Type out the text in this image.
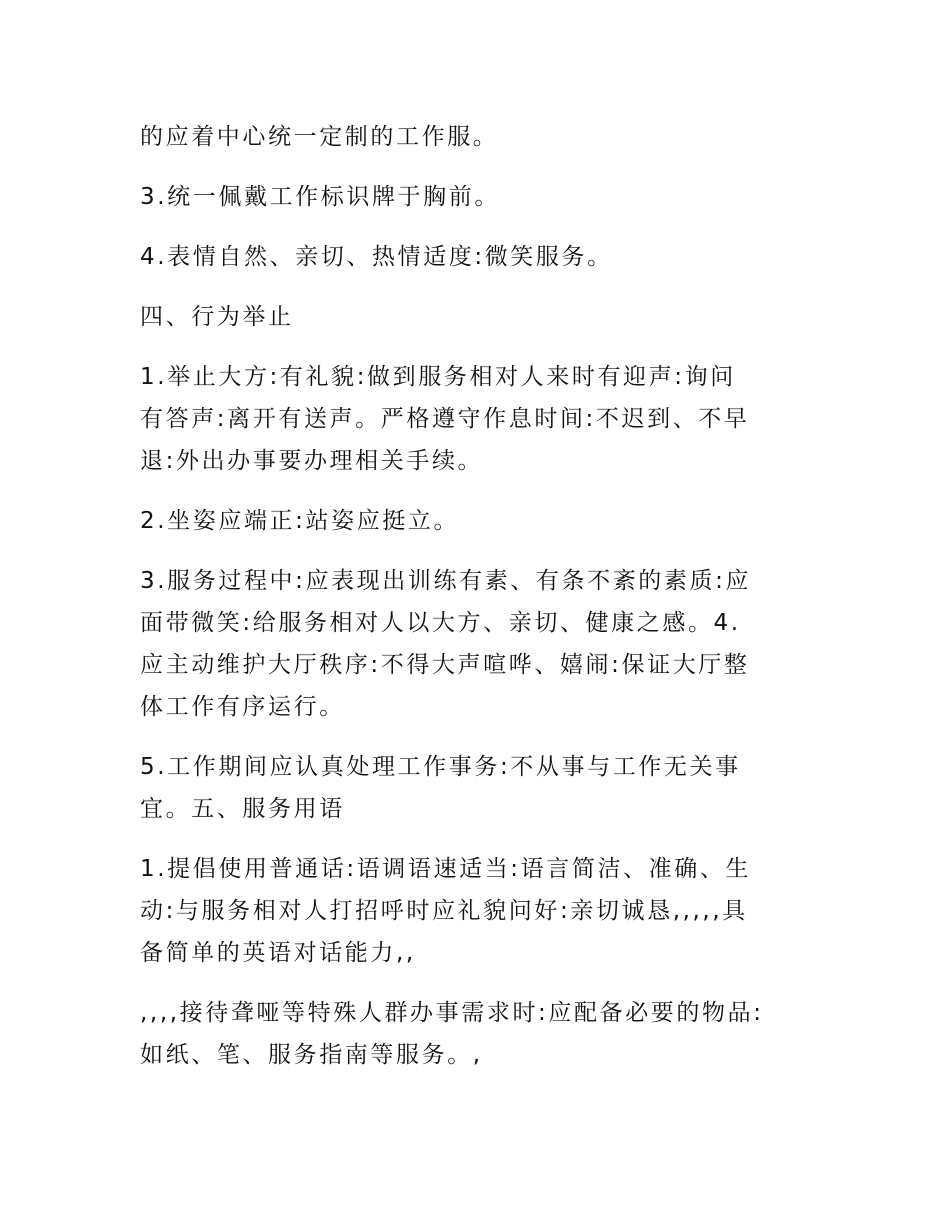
的应着中心统一定制的工作服。

3.统一佩戴工作标识牌于胸前。

4.表情自然、亲切、热情适度:微笑服务。

四、行为举止

1.举止大方:有礼貌:做到服务相对人来时有迎声:询问
有答声:离开有送声。严格遵守作息时间:不迟到、不早
退:外出办事要办理相关手续。

2.坐姿应端正:站姿应挺立。

3.服务过程中:应表现出训练有素、有条不紊的素质:应
面带微笑:给服务相对人以大方、亲切、健康之感。4.
应主动维护大厅秩序:不得大声喧哗、嬉闹:保证大厅整
体工作有序运行。

5.工作期间应认真处理工作事务:不从事与工作无关事
宜。五、服务用语

1.提倡使用普通话:语调语速适当:语言简洁、准确、生
动:与服务相对人打招呼时应礼貌问好:亲切诚恳,,,,,具
备简单的英语对话能力,,

,,,,接待聋哑等特殊人群办事需求时:应配备必要的物品:
如纸、笔、服务指南等服务。,
